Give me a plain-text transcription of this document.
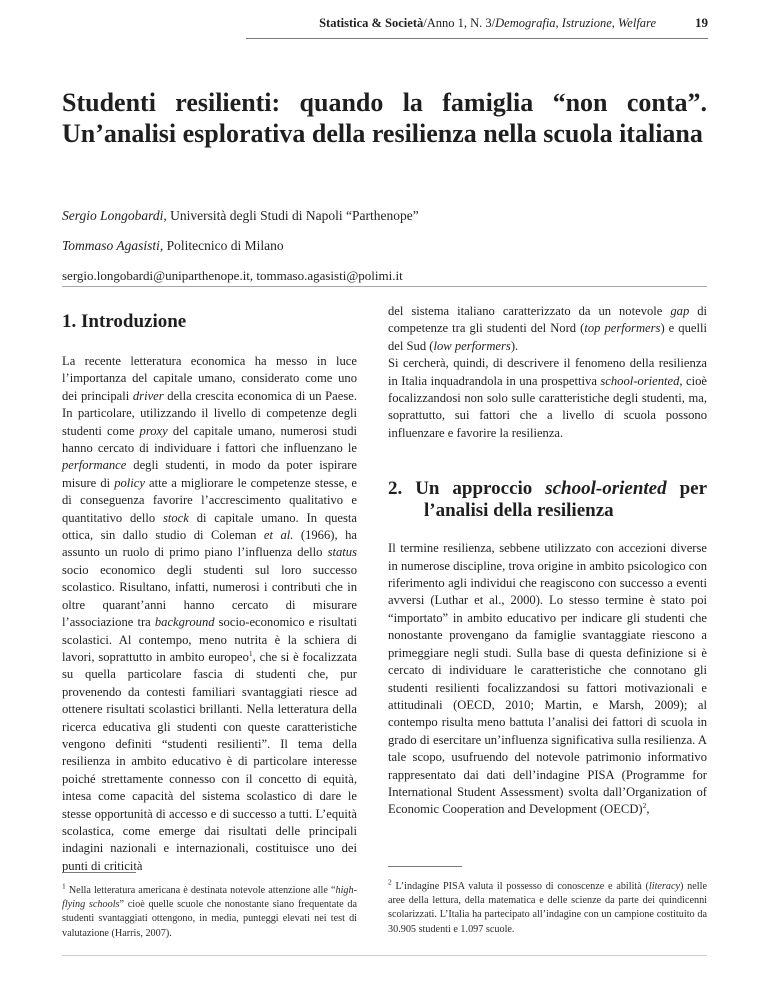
Statistica & Società/Anno 1, N. 3/Demografia, Istruzione, Welfare	19
Studenti resilienti: quando la famiglia “non conta”. Un’analisi esplorativa della resilienza nella scuola italiana
Sergio Longobardi, Università degli Studi di Napoli “Parthenope”
Tommaso Agasisti, Politecnico di Milano
sergio.longobardi@uniparthenope.it, tommaso.agasisti@polimi.it
1. Introduzione

La recente letteratura economica ha messo in luce l’importanza del capitale umano, considerato come uno dei principali driver della crescita economica di un Paese. In particolare, utilizzando il livello di competenze degli studenti come proxy del capitale umano, numerosi studi hanno cercato di individuare i fattori che influenzano le performance degli studenti, in modo da poter ispirare misure di policy atte a migliorare le competenze stesse, e di conseguenza favorire l’accrescimento qualitativo e quantitativo dello stock di capitale umano. In questa ottica, sin dallo studio di Coleman et al. (1966), ha assunto un ruolo di primo piano l’influenza dello status socio economico degli studenti sul loro successo scolastico. Risultano, infatti, numerosi i contributi che in oltre quarant’anni hanno cercato di misurare l’associazione tra background socio-economico e risultati scolastici. Al contempo, meno nutrita è la schiera di lavori, soprattutto in ambito europeo$^1$, che si è focalizzata su quella particolare fascia di studenti che, pur provenendo da contesti familiari svantaggiati riesce ad ottenere risultati scolastici brillanti. Nella letteratura della ricerca educativa gli studenti con queste caratteristiche vengono definiti “studenti resilienti”. Il tema della resilienza in ambito educativo è di particolare interesse poiché strettamente connesso con il concetto di equità, intesa come capacità del sistema scolastico di dare le stesse opportunità di accesso e di successo a tutti. L’equità scolastica, come emerge dai risultati delle principali indagini nazionali e internazionali, costituisce uno dei punti di criticità

del sistema italiano caratterizzato da un notevole gap di competenze tra gli studenti del Nord (top performers) e quelli del Sud (low performers).

Si cercherà, quindi, di descrivere il fenomeno della resilienza in Italia inquadrandola in una prospettiva school-oriented, cioè focalizzandosi non solo sulle caratteristiche degli studenti, ma, soprattutto, sui fattori che a livello di scuola possono influenzare e favorire la resilienza.

2. Un approccio school-oriented per l’analisi della resilienza

Il termine resilienza, sebbene utilizzato con accezioni diverse in numerose discipline, trova origine in ambito psicologico con riferimento agli individui che reagiscono con successo a eventi avversi (Luthar et al., 2000). Lo stesso termine è stato poi “importato” in ambito educativo per indicare gli studenti che nonostante provengano da famiglie svantaggiate riescono a primeggiare negli studi. Sulla base di questa definizione si è cercato di individuare le caratteristiche che connotano gli studenti resilienti focalizzandosi su fattori motivazionali e attitudinali (OECD, 2010; Martin, e Marsh, 2009); al contempo risulta meno battuta l’analisi dei fattori di scuola in grado di esercitare un’influenza significativa sulla resilienza. A tale scopo, usufruendo del notevole patrimonio informativo rappresentato dai dati dell’indagine PISA (Programme for International Student Assessment) svolta dall’Organization of Economic Cooperation and Development (OECD)$^2$,

$^1$ Nella letteratura americana è destinata notevole attenzione alle “high-flying schools” cioè quelle scuole che nonostante siano frequentate da studenti svantaggiati ottengono, in media, punteggi elevati nei test di valutazione (Harris, 2007).
$^2$ L’indagine PISA valuta il possesso di conoscenze e abilità (literacy) nelle aree della lettura, della matematica e delle scienze da parte dei quindicenni scolarizzati. L’Italia ha partecipato all’indagine con un campione costituito da 30.905 studenti e 1.097 scuole.
